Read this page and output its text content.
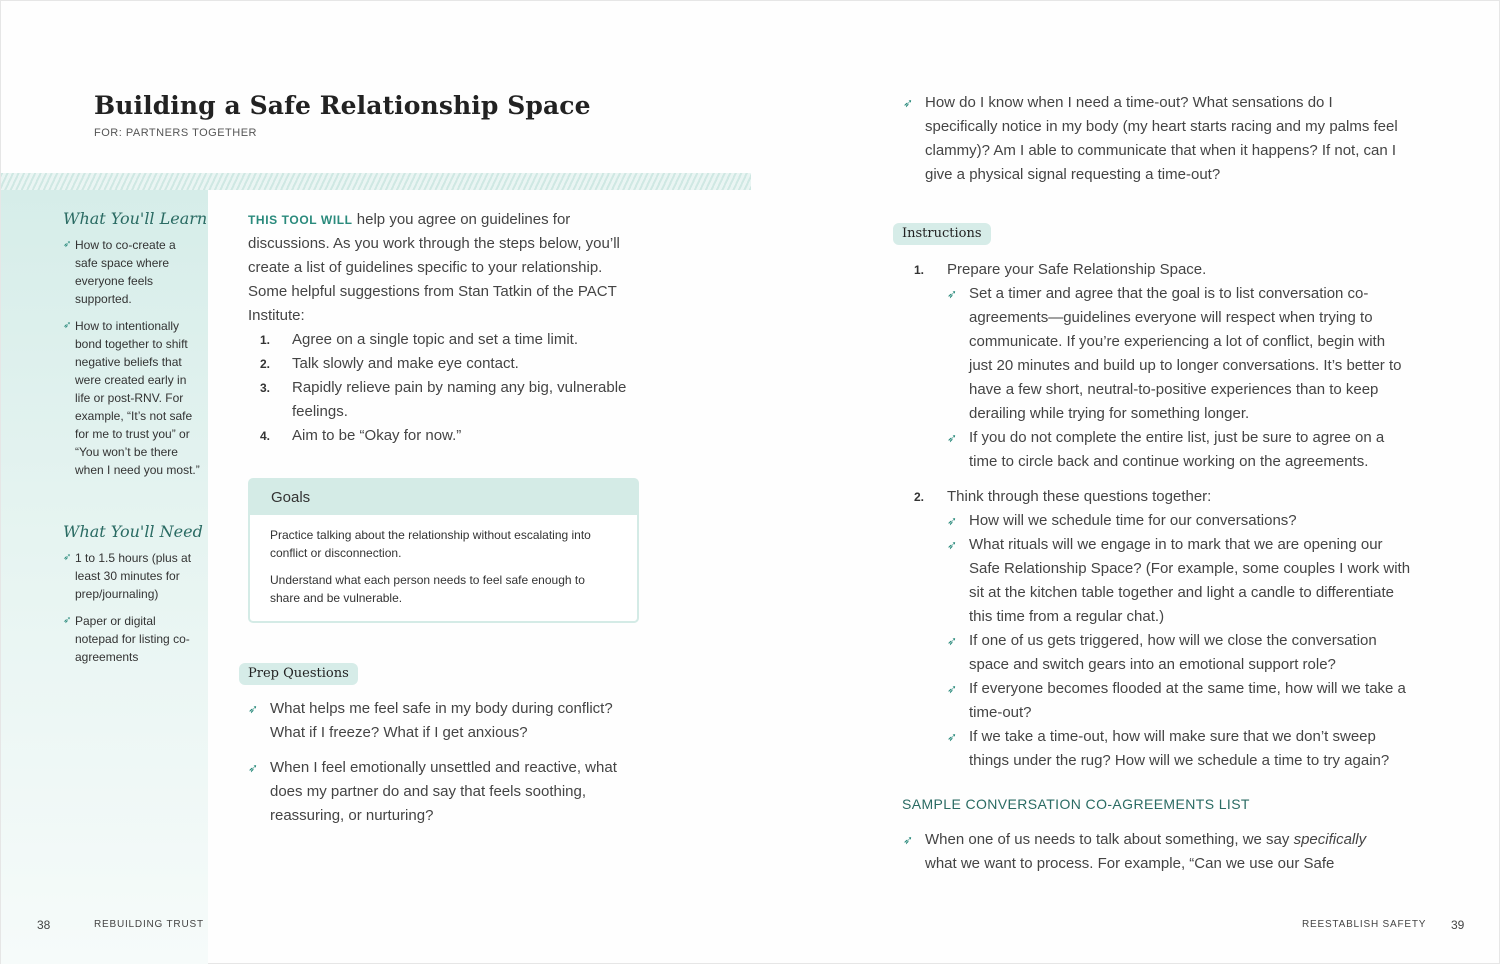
Building a Safe Relationship Space
FOR: PARTNERS TOGETHER
What You'll Learn
➶ How to co-create a safe space where everyone feels supported.
➶ How to intentionally bond together to shift negative beliefs that were created early in life or post-RNV. For example, “It’s not safe for me to trust you” or “You won’t be there when I need you most.”
What You'll Need
➶ 1 to 1.5 hours (plus at least 30 minutes for prep/journaling)
➶ Paper or digital notepad for listing co-agreements

THIS TOOL WILL help you agree on guidelines for discussions. As you work through the steps below, you’ll create a list of guidelines specific to your relationship. Some helpful suggestions from Stan Tatkin of the PACT Institute:

1. Agree on a single topic and set a time limit.
2. Talk slowly and make eye contact.
3. Rapidly relieve pain by naming any big, vulnerable feelings.
4. Aim to be “Okay for now.”
Goals

Practice talking about the relationship without escalating into conflict or disconnection.

Understand what each person needs to feel safe enough to share and be vulnerable.

Prep Questions
➶ What helps me feel safe in my body during conflict? What if I freeze? What if I get anxious?
➶ When I feel emotionally unsettled and reactive, what does my partner do and say that feels soothing, reassuring, or nurturing?
38	REBUILDING TRUST
➶ How do I know when I need a time-out? What sensations do I specifically notice in my body (my heart starts racing and my palms feel clammy)? Am I able to communicate that when it happens? If not, can I give a physical signal requesting a time-out?
Instructions
1. Prepare your Safe Relationship Space.
➶ Set a timer and agree that the goal is to list conversation co-agreements—guidelines everyone will respect when trying to communicate. If you’re experiencing a lot of conflict, begin with just 20 minutes and build up to longer conversations. It’s better to have a few short, neutral-to-positive experiences than to keep derailing while trying for something longer.
➶ If you do not complete the entire list, just be sure to agree on a time to circle back and continue working on the agreements.
2. Think through these questions together:
➶ How will we schedule time for our conversations?
➶ What rituals will we engage in to mark that we are opening our Safe Relationship Space? (For example, some couples I work with sit at the kitchen table together and light a candle to differentiate this time from a regular chat.)
➶ If one of us gets triggered, how will we close the conversation space and switch gears into an emotional support role?
➶ If everyone becomes flooded at the same time, how will we take a time-out?
➶ If we take a time-out, how will make sure that we don’t sweep things under the rug? How will we schedule a time to try again?
SAMPLE CONVERSATION CO-AGREEMENTS LIST
➶ When one of us needs to talk about something, we say specifically what we want to process. For example, “Can we use our Safe
REESTABLISH SAFETY 39
